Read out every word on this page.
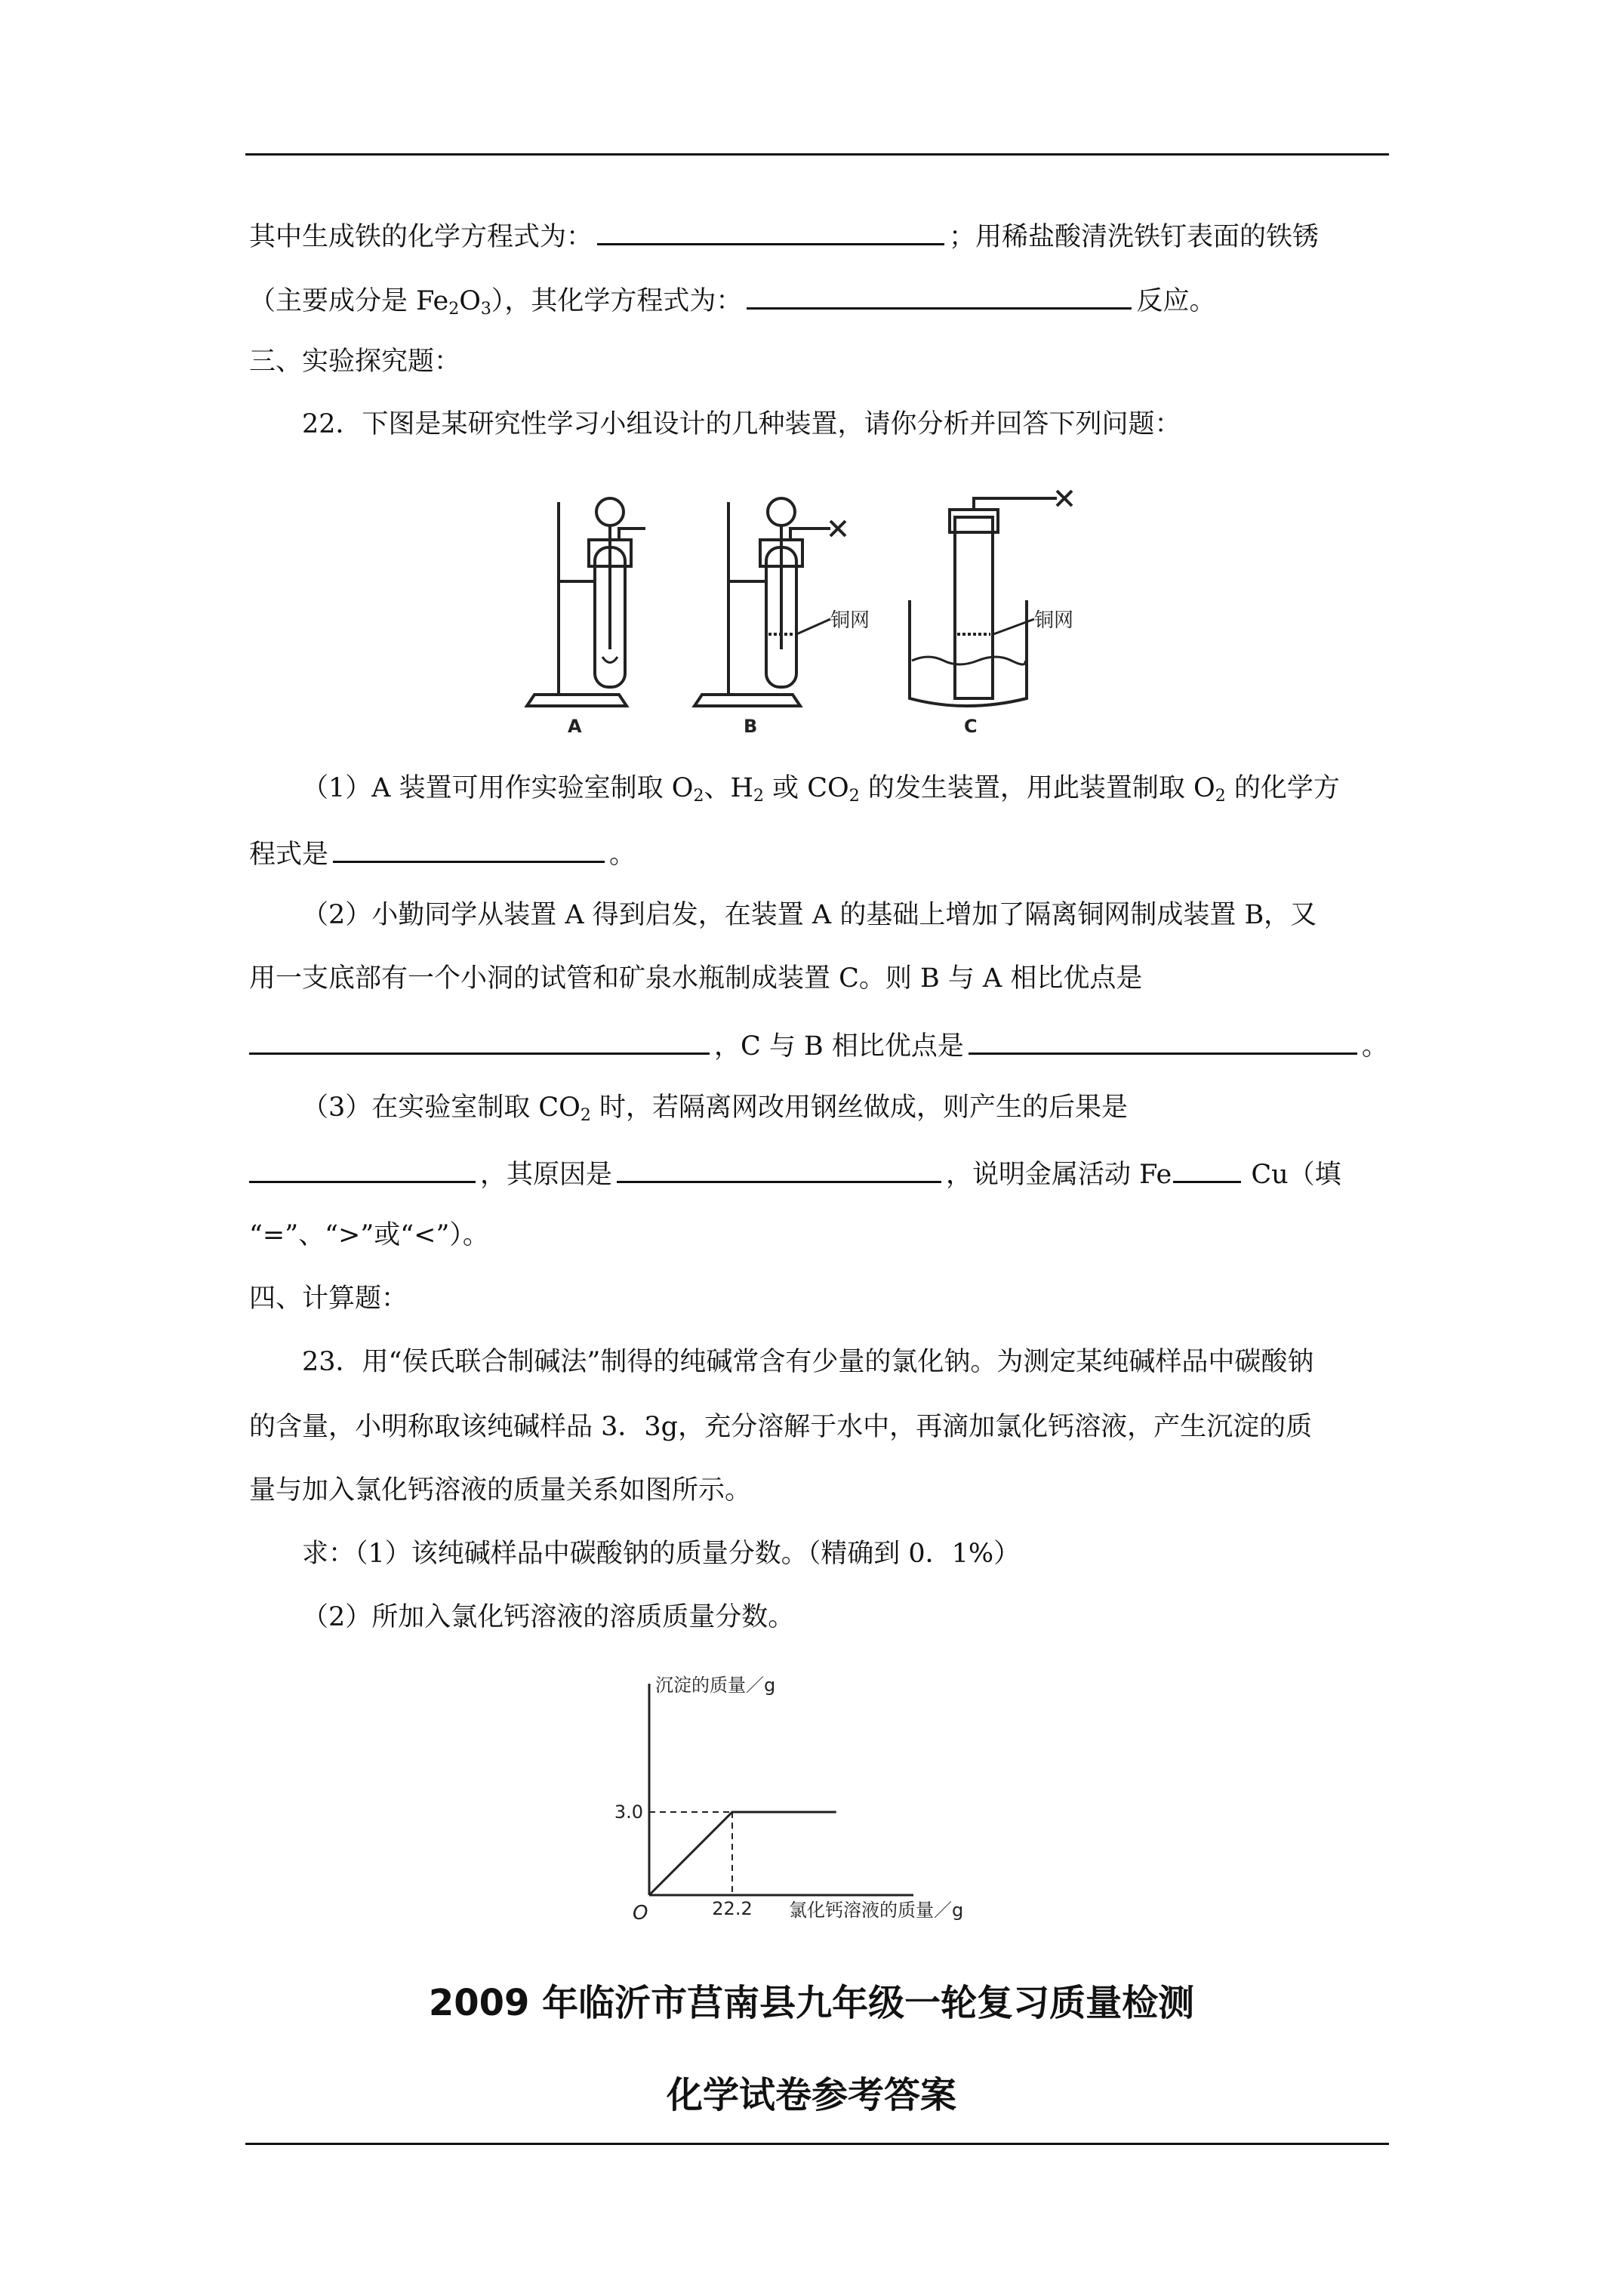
其中生成铁的化学方程式为：	；用稀盐酸清洗铁钉表面的铁锈
（主要成分是 $Fe_2O_3$），其化学方程式为：	反应。
三、实验探究题：
22．下图是某研究性学习小组设计的几种装置，请你分析并回答下列问题：
铜网	铜网
A	B	C
（1）A 装置可用作实验室制取 $O_2$、$H_2$ 或 $CO_2$ 的发生装置，用此装置制取 $O_2$ 的化学方
程式是	。
（2）小勤同学从装置 A 得到启发，在装置 A 的基础上增加了隔离铜网制成装置 B，又
用一支底部有一个小洞的试管和矿泉水瓶制成装置 C。则 B 与 A 相比优点是
，C 与 B 相比优点是	。
（3）在实验室制取 $CO_2$ 时，若隔离网改用钢丝做成，则产生的后果是
，其原因是	，说明金属活动 Fe	Cu（填
“=”、“>”或“<”）。
四、计算题：
23．用“侯氏联合制碱法”制得的纯碱常含有少量的氯化钠。为测定某纯碱样品中碳酸钠
的含量，小明称取该纯碱样品 3．3g，充分溶解于水中，再滴加氯化钙溶液，产生沉淀的质
量与加入氯化钙溶液的质量关系如图所示。
求：（1）该纯碱样品中碳酸钠的质量分数。（精确到 0．1%）
（2）所加入氯化钙溶液的溶质质量分数。
沉淀的质量／g
氯化钙溶液的质量／g
O	22.2
3.0
2009 年临沂市莒南县九年级一轮复习质量检测
化学试卷参考答案
